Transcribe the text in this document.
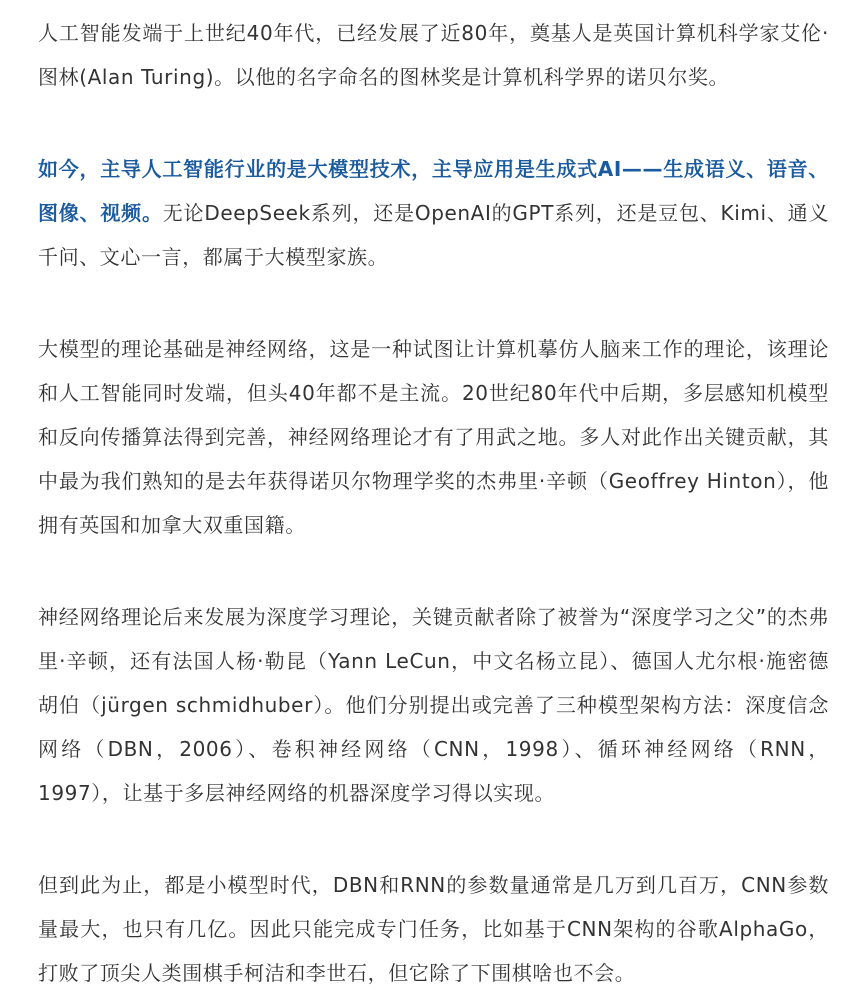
人工智能发端于上世纪40年代，已经发展了近80年，奠基人是英国计算机科学家艾伦·图林(Alan Turing)。以他的名字命名的图林奖是计算机科学界的诺贝尔奖。

如今，主导人工智能行业的是大模型技术，主导应用是生成式AI——生成语义、语音、图像、视频。无论DeepSeek系列，还是OpenAI的GPT系列，还是豆包、Kimi、通义千问、文心一言，都属于大模型家族。

大模型的理论基础是神经网络，这是一种试图让计算机摹仿人脑来工作的理论，该理论和人工智能同时发端，但头40年都不是主流。20世纪80年代中后期，多层感知机模型和反向传播算法得到完善，神经网络理论才有了用武之地。多人对此作出关键贡献，其中最为我们熟知的是去年获得诺贝尔物理学奖的杰弗里·辛顿（Geoffrey Hinton），他拥有英国和加拿大双重国籍。

神经网络理论后来发展为深度学习理论，关键贡献者除了被誉为“深度学习之父”的杰弗里·辛顿，还有法国人杨·勒昆（Yann LeCun，中文名杨立昆）、德国人尤尔根·施密德胡伯（jürgen schmidhuber）。他们分别提出或完善了三种模型架构方法：深度信念网络（DBN，2006）、卷积神经网络（CNN，1998）、循环神经网络（RNN，1997），让基于多层神经网络的机器深度学习得以实现。

但到此为止，都是小模型时代，DBN和RNN的参数量通常是几万到几百万，CNN参数量最大，也只有几亿。因此只能完成专门任务，比如基于CNN架构的谷歌AlphaGo，打败了顶尖人类围棋手柯洁和李世石，但它除了下围棋啥也不会。
